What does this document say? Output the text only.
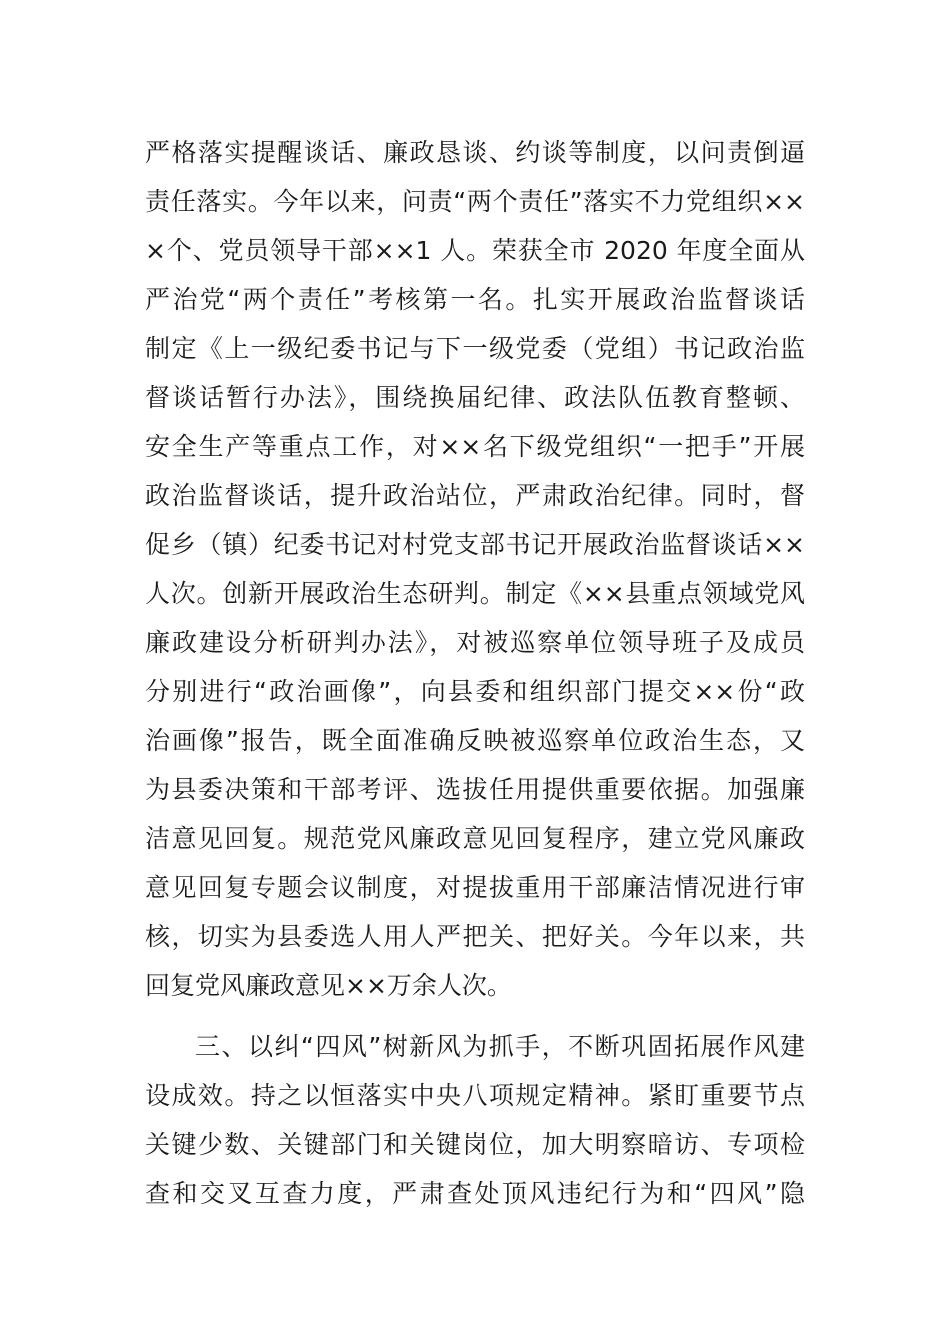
严格落实提醒谈话、廉政恳谈、约谈等制度，以问责倒逼
责任落实。今年以来，问责“两个责任”落实不力党组织××
×个、党员领导干部××1 人。荣获全市 2020 年度全面从
严治党“两个责任”考核第一名。扎实开展政治监督谈话
制定《上一级纪委书记与下一级党委（党组）书记政治监
督谈话暂行办法》，围绕换届纪律、政法队伍教育整顿、
安全生产等重点工作，对××名下级党组织“一把手”开展
政治监督谈话，提升政治站位，严肃政治纪律。同时，督
促乡（镇）纪委书记对村党支部书记开展政治监督谈话××
人次。创新开展政治生态研判。制定《××县重点领域党风
廉政建设分析研判办法》，对被巡察单位领导班子及成员
分别进行“政治画像”，向县委和组织部门提交××份“政
治画像”报告，既全面准确反映被巡察单位政治生态，又
为县委决策和干部考评、选拔任用提供重要依据。加强廉
洁意见回复。规范党风廉政意见回复程序，建立党风廉政
意见回复专题会议制度，对提拔重用干部廉洁情况进行审
核，切实为县委选人用人严把关、把好关。今年以来，共
回复党风廉政意见××万余人次。
三、以纠“四风”树新风为抓手，不断巩固拓展作风建
设成效。持之以恒落实中央八项规定精神。紧盯重要节点
关键少数、关键部门和关键岗位，加大明察暗访、专项检
查和交叉互查力度，严肃查处顶风违纪行为和“四风”隐
